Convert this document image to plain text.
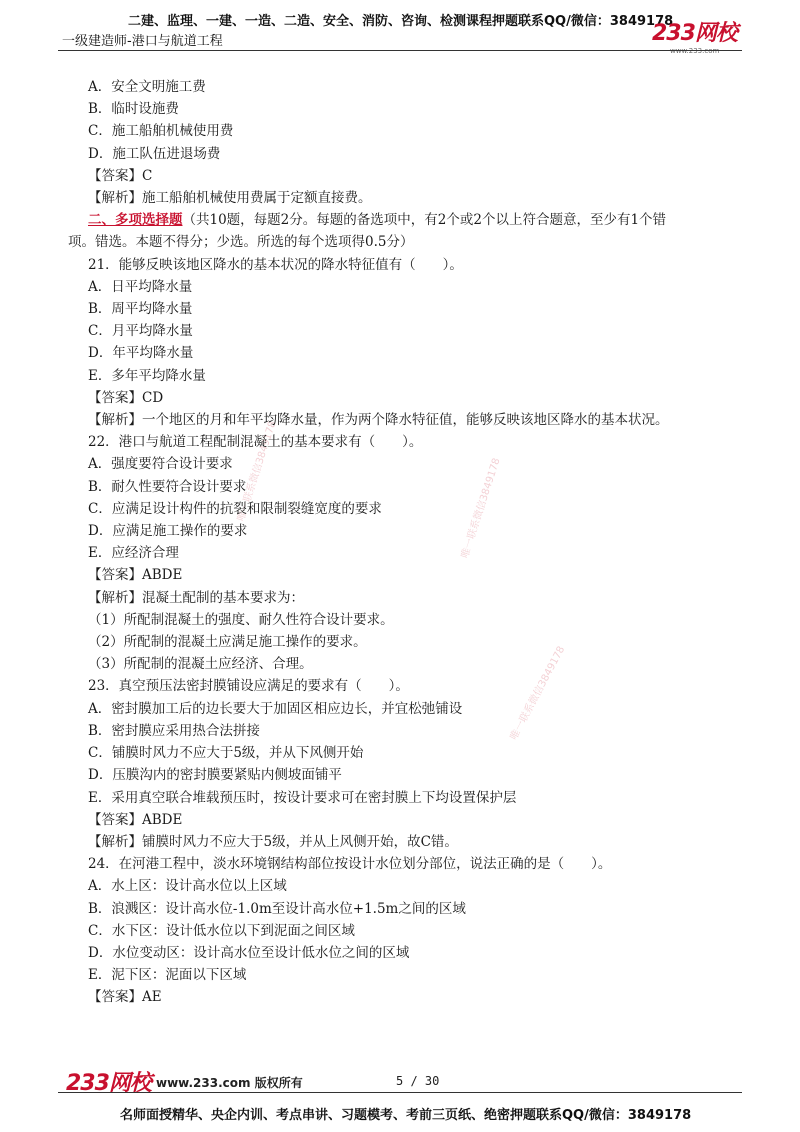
二建、监理、一建、一造、二造、安全、消防、咨询、检测课程押题联系QQ/微信：3849178
一级建造师-港口与航道工程	233网校
www.233.com
唯一联系微信3849178	唯一联系微信3849178
唯一联系微信3849178
A．安全文明施工费
B．临时设施费
C．施工船舶机械使用费
D．施工队伍进退场费
【答案】C
【解析】施工船舶机械使用费属于定额直接费。
二、多项选择题（共10题，每题2分。每题的备选项中，有2个或2个以上符合题意，至少有1个错
项。错选。本题不得分；少选。所选的每个选项得0.5分）
21．能够反映该地区降水的基本状况的降水特征值有（　　）。
A．日平均降水量
B．周平均降水量
C．月平均降水量
D．年平均降水量
E．多年平均降水量
【答案】CD
【解析】一个地区的月和年平均降水量，作为两个降水特征值，能够反映该地区降水的基本状况。
22．港口与航道工程配制混凝土的基本要求有（　　）。
A．强度要符合设计要求
B．耐久性要符合设计要求
C．应满足设计构件的抗裂和限制裂缝宽度的要求
D．应满足施工操作的要求
E．应经济合理
【答案】ABDE
【解析】混凝土配制的基本要求为：
（1）所配制混凝土的强度、耐久性符合设计要求。
（2）所配制的混凝土应满足施工操作的要求。
（3）所配制的混凝土应经济、合理。
23．真空预压法密封膜铺设应满足的要求有（　　）。
A．密封膜加工后的边长要大于加固区相应边长，并宜松弛铺设
B．密封膜应采用热合法拼接
C．铺膜时风力不应大于5级，并从下风侧开始
D．压膜沟内的密封膜要紧贴内侧坡面铺平
E．采用真空联合堆载预压时，按设计要求可在密封膜上下均设置保护层
【答案】ABDE
【解析】铺膜时风力不应大于5级，并从上风侧开始，故C错。
24．在河港工程中，淡水环境钢结构部位按设计水位划分部位，说法正确的是（　　）。
A．水上区：设计高水位以上区域
B．浪溅区：设计高水位-1.0m至设计高水位+1.5m之间的区域
C．水下区：设计低水位以下到泥面之间区域
D．水位变动区：设计高水位至设计低水位之间的区域
E．泥下区：泥面以下区域
【答案】AE
233网校 www.233.com 版权所有	5 / 30
名师面授精华、央企内训、考点串讲、习题模考、考前三页纸、绝密押题联系QQ/微信：3849178
